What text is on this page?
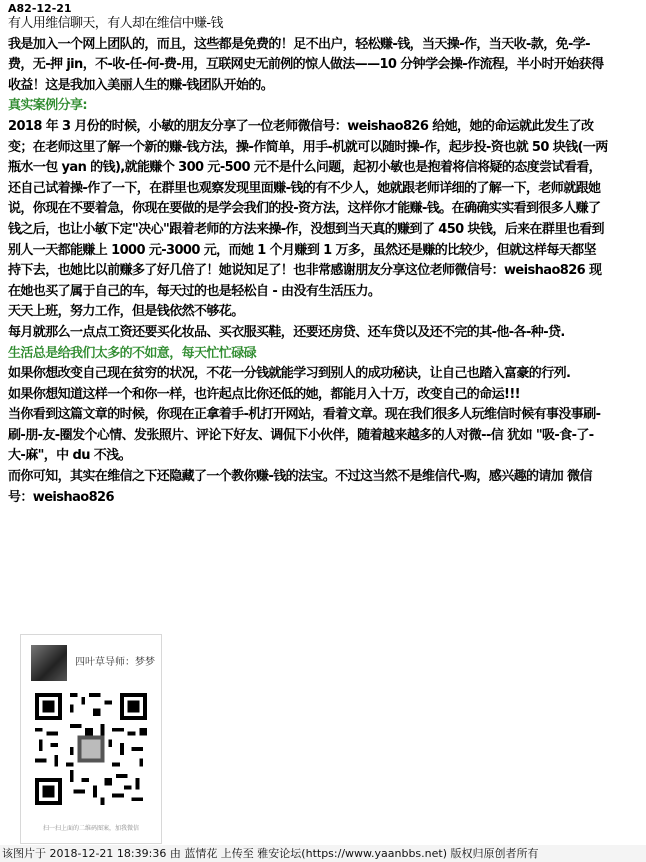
A82-12-21

有人用维信聊天，有人却在维信中赚-钱

我是加入一个网上团队的，而且，这些都是免费的！足不出户，轻松赚-钱，当天操-作，当天收-款，免-学-费，无-押 jin，不-收-任-何-费-用，互联网史无前例的惊人做法——10 分钟学会操-作流程，半小时开始获得收益！这是我加入美丽人生的赚-钱团队开始的。

真实案例分享:

2018 年 3 月份的时候，小敏的朋友分享了一位老师微信号：weishao826 给她，她的命运就此发生了改变；在老师这里了解一个新的赚-钱方法，操-作简单，用手-机就可以随时操-作，起步投-资也就 50 块钱(一两瓶水一包 yan 的钱),就能赚个 300 元-500 元不是什么问题，起初小敏也是抱着将信将疑的态度尝试看看，还自己试着操-作了一下，在群里也观察发现里面赚-钱的有不少人，她就跟老师详细的了解一下，老师就跟她说，你现在不要着急，你现在要做的是学会我们的投-资方法，这样你才能赚-钱。在确确实实看到很多人赚了钱之后，也让小敏下定"决心"跟着老师的方法来操-作，没想到当天真的赚到了 450 块钱，后来在群里也看到别人一天都能赚上 1000 元-3000 元，而她 1 个月赚到 1 万多，虽然还是赚的比较少，但就这样每天都坚持下去，也她比以前赚多了好几倍了！她说知足了！也非常感谢朋友分享这位老师微信号：weishao826 现在她也买了属于自己的车，每天过的也是轻松自 - 由没有生活压力。

天天上班，努力工作，但是钱依然不够花。

每月就那么一点点工资还要买化妆品、买衣服买鞋，还要还房贷、还车贷以及还不完的其-他-各-种-贷.

生活总是给我们太多的不如意，每天忙忙碌碌

如果你想改变自己现在贫穷的状况，不花一分钱就能学习到别人的成功秘诀，让自己也踏入富豪的行列.

如果你想知道这样一个和你一样，也许起点比你还低的她，都能月入十万，改变自己的命运!!!

当你看到这篇文章的时候，你现在正拿着手-机打开网站，看着文章。现在我们很多人玩维信时候有事没事刷-刷-朋-友-圈发个心情、发张照片、评论下好友、调侃下小伙伴，随着越来越多的人对微--信 犹如 "吸-食-了-大-麻"，中 du 不浅。

而你可知，其实在维信之下还隐藏了一个教你赚-钱的法宝。不过这当然不是维信代-购，感兴趣的请加 微信号：weishao826

四叶草导师：梦梦
扫一扫上面的二维码图案，加我微信
该图片于 2018-12-21 18:39:36 由 蓝情花 上传至 雅安论坛(https://www.yaanbbs.net) 版权归原创者所有
